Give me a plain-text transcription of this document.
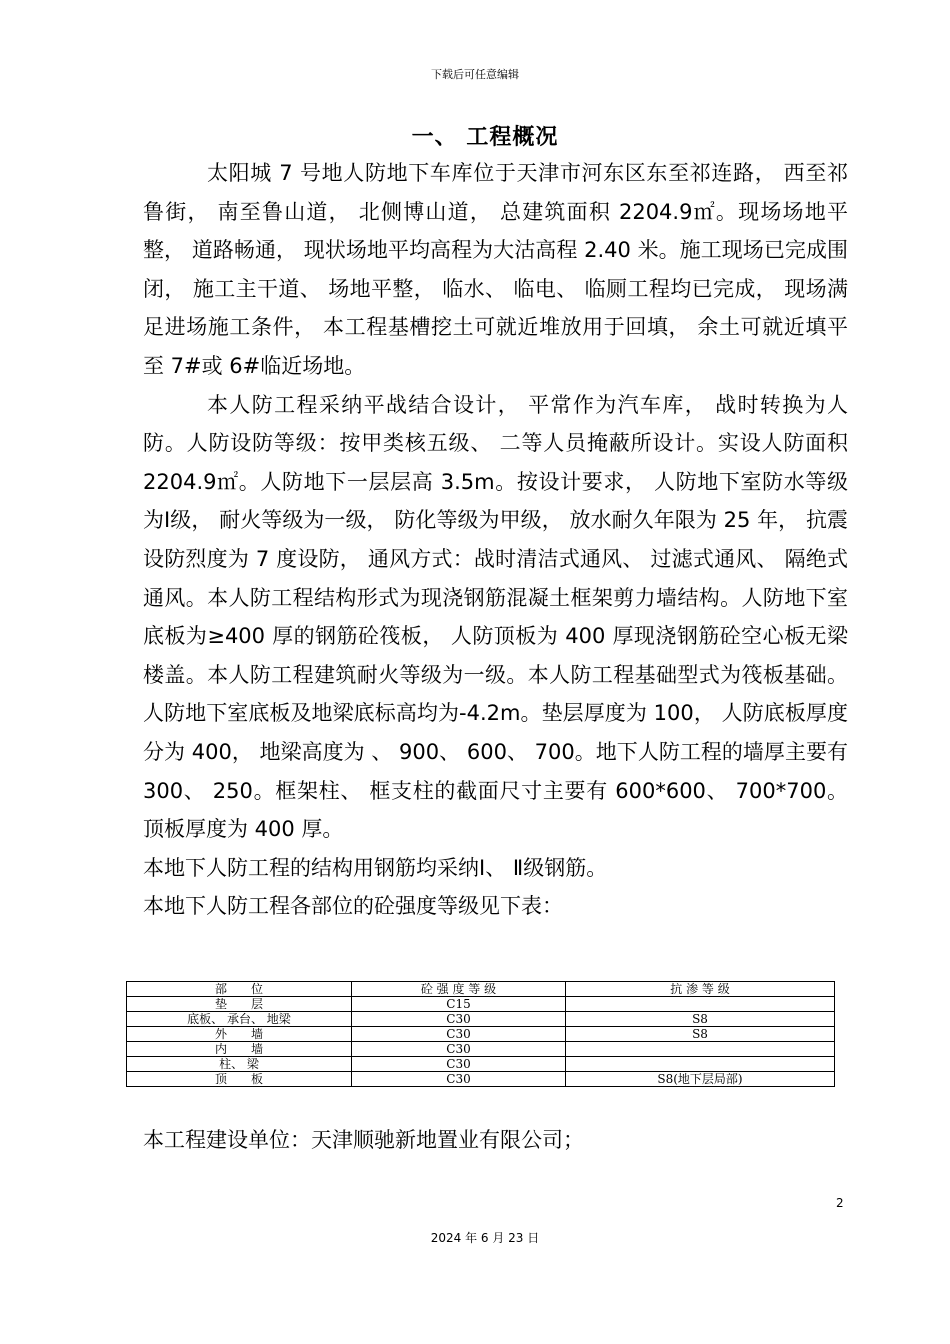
下载后可任意编辑
一、 工程概况

太阳城 7 号地人防地下车库位于天津市河东区东至祁连路， 西至祁鲁街， 南至鲁山道， 北侧博山道， 总建筑面积 2204.9㎡。现场场地平整， 道路畅通， 现状场地平均高程为大沽高程 2.40 米。施工现场已完成围闭， 施工主干道、 场地平整， 临水、 临电、 临厕工程均已完成， 现场满足进场施工条件， 本工程基槽挖土可就近堆放用于回填， 余土可就近填平至 7#或 6#临近场地。

本人防工程采纳平战结合设计， 平常作为汽车库， 战时转换为人防。人防设防等级：按甲类核五级、 二等人员掩蔽所设计。实设人防面积 2204.9㎡。人防地下一层层高 3.5m。按设计要求， 人防地下室防水等级为Ⅰ级， 耐火等级为一级， 防化等级为甲级， 放水耐久年限为 25 年， 抗震设防烈度为 7 度设防， 通风方式：战时清洁式通风、 过滤式通风、 隔绝式通风。本人防工程结构形式为现浇钢筋混凝土框架剪力墙结构。人防地下室底板为≥400 厚的钢筋砼筏板， 人防顶板为 400 厚现浇钢筋砼空心板无梁楼盖。本人防工程建筑耐火等级为一级。本人防工程基础型式为筏板基础。人防地下室底板及地梁底标高均为-4.2m。垫层厚度为 100， 人防底板厚度分为 400， 地梁高度为 、 900、 600、 700。地下人防工程的墙厚主要有 300、 250。框架柱、 框支柱的截面尺寸主要有 600*600、 700*700。顶板厚度为 400 厚。

本地下人防工程的结构用钢筋均采纳Ⅰ、 Ⅱ级钢筋。

本地下人防工程各部位的砼强度等级见下表：

部　　位	砼 强 度 等 级	抗 渗 等 级
垫　　层	C15	
底板、 承台、 地梁	C30	S8
外　　墙	C30	S8
内　　墙	C30	
柱、 梁	C30	
顶　　板	C30	S8(地下层局部)
本工程建设单位：天津顺驰新地置业有限公司；
2
2024 年 6 月 23 日
